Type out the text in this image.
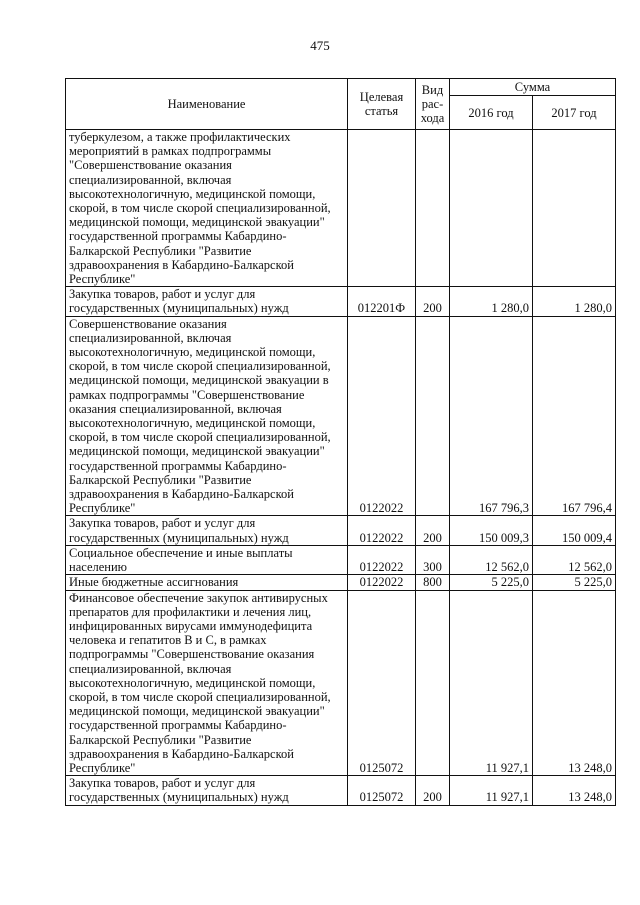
475
Наименование	Целевая статья	Вид расхода	Сумма	
			2016 год	2017 год
туберкулезом, а также профилактических мероприятий в рамках подпрограммы "Совершенствование оказания специализированной, включая высокотехнологичную, медицинской помощи, скорой, в том числе скорой специализированной, медицинской помощи, медицинской эвакуации" государственной программы Кабардино-Балкарской Республики "Развитие здравоохранения в Кабардино-Балкарской Республике"				
Закупка товаров, работ и услуг для государственных (муниципальных) нужд	012201Ф	200	1 280,0	1 280,0
Совершенствование оказания специализированной, включая высокотехнологичную, медицинской помощи, скорой, в том числе скорой специализированной, медицинской помощи, медицинской эвакуации в рамках подпрограммы "Совершенствование оказания специализированной, включая высокотехнологичную, медицинской помощи, скорой, в том числе скорой специализированной, медицинской помощи, медицинской эвакуации" государственной программы Кабардино-Балкарской Республики "Развитие здравоохранения в Кабардино-Балкарской Республике"	0122022		167 796,3	167 796,4
Закупка товаров, работ и услуг для государственных (муниципальных) нужд	0122022	200	150 009,3	150 009,4
Социальное обеспечение и иные выплаты населению	0122022	300	12 562,0	12 562,0
Иные бюджетные ассигнования	0122022	800	5 225,0	5 225,0
Финансовое обеспечение закупок антивирусных препаратов для профилактики и лечения лиц, инфицированных вирусами иммунодефицита человека и гепатитов В и С, в рамках подпрограммы "Совершенствование оказания специализированной, включая высокотехнологичную, медицинской помощи, скорой, в том числе скорой специализированной, медицинской помощи, медицинской эвакуации" государственной программы Кабардино-Балкарской Республики "Развитие здравоохранения в Кабардино-Балкарской Республике"	0125072		11 927,1	13 248,0
Закупка товаров, работ и услуг для государственных (муниципальных) нужд	0125072	200	11 927,1	13 248,0
